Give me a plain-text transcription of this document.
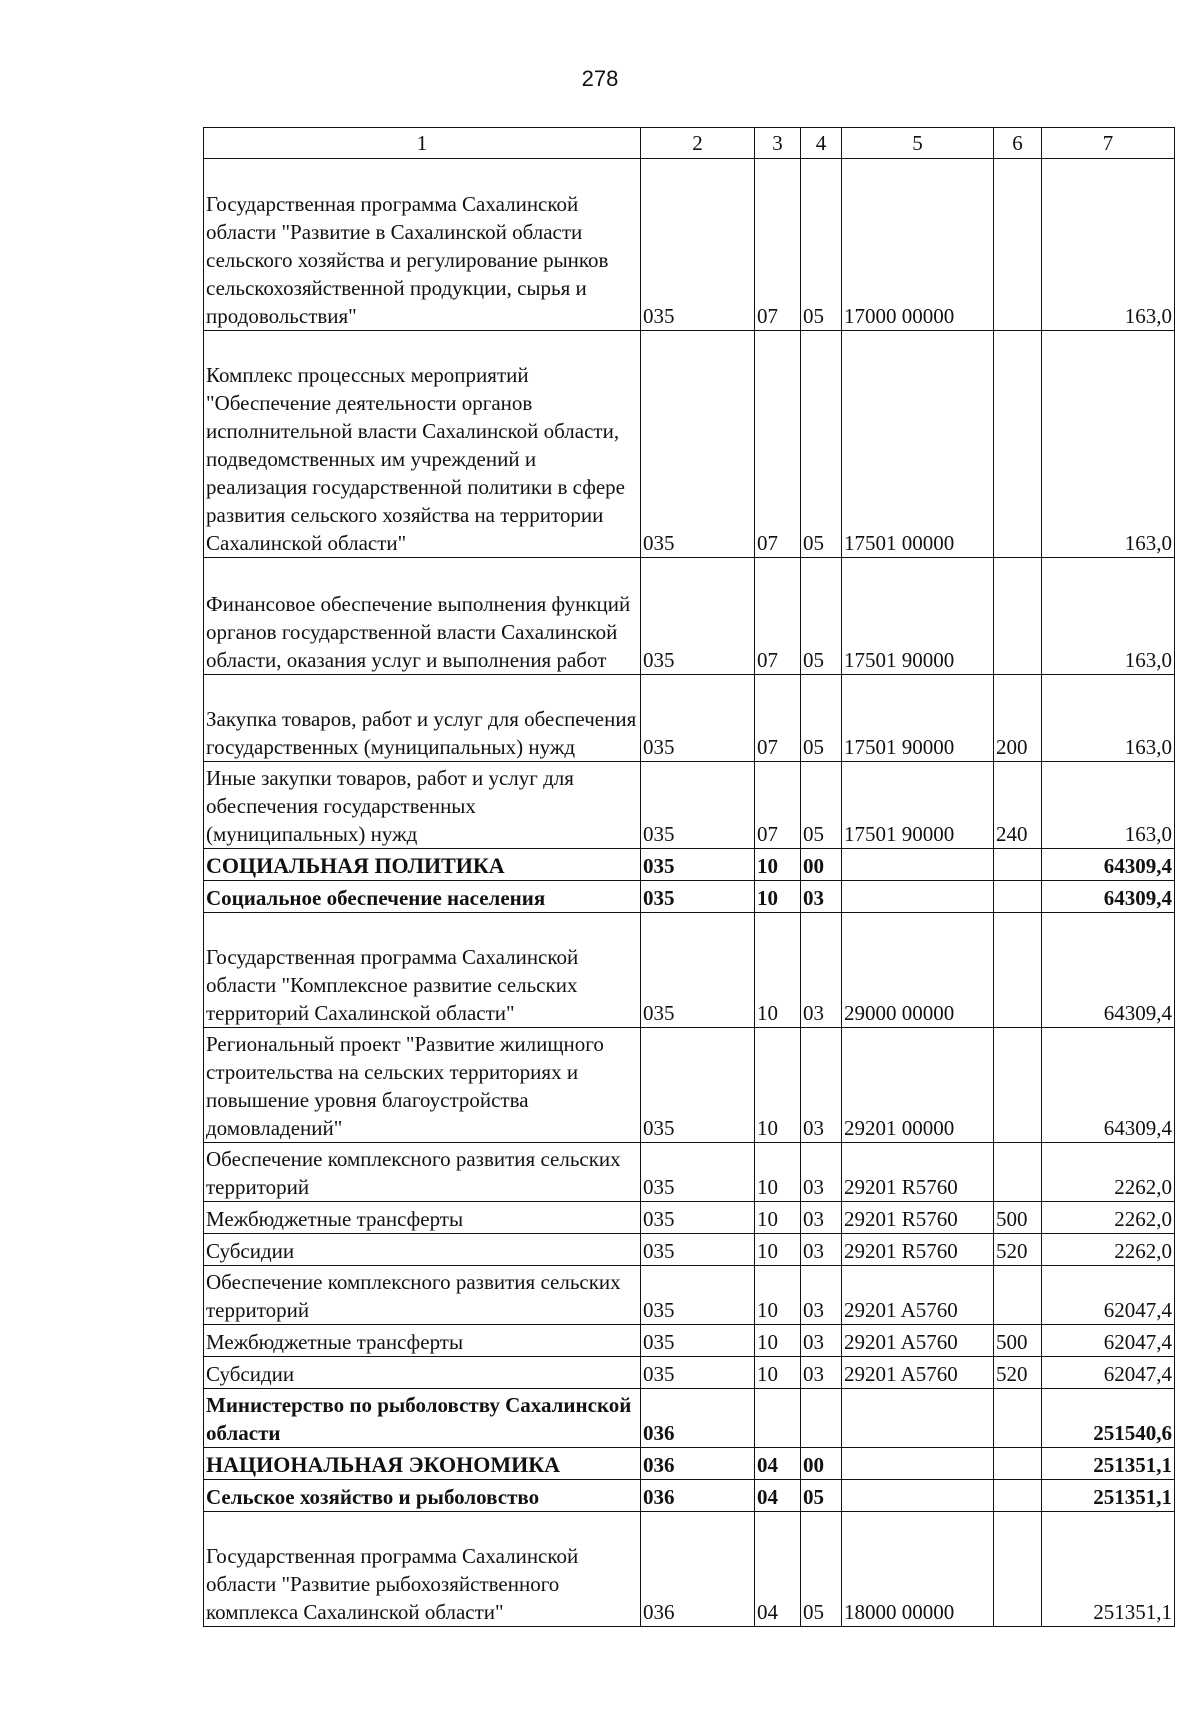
278
1	2	3	4	5	6	7
Государственная программа Сахалинской области "Развитие в Сахалинской области сельского хозяйства и регулирование рынков сельскохозяйственной продукции, сырья и продовольствия"	035	07	05	17000 00000		163,0
Комплекс процессных мероприятий "Обеспечение деятельности органов исполнительной власти Сахалинской области, подведомственных им учреждений и реализация государственной политики в сфере развития сельского хозяйства на территории Сахалинской области"	035	07	05	17501 00000		163,0
Финансовое обеспечение выполнения функций органов государственной власти Сахалинской области, оказания услуг и выполнения работ	035	07	05	17501 90000		163,0
Закупка товаров, работ и услуг для обеспечения государственных (муниципальных) нужд	035	07	05	17501 90000	200	163,0
Иные закупки товаров, работ и услуг для обеспечения государственных (муниципальных) нужд	035	07	05	17501 90000	240	163,0
СОЦИАЛЬНАЯ ПОЛИТИКА	035	10	00			64309,4
Социальное обеспечение населения	035	10	03			64309,4
Государственная программа Сахалинской области "Комплексное развитие сельских территорий Сахалинской области"	035	10	03	29000 00000		64309,4
Региональный проект "Развитие жилищного строительства на сельских территориях и повышение уровня благоустройства домовладений"	035	10	03	29201 00000		64309,4
Обеспечение комплексного развития сельских территорий	035	10	03	29201 R5760		2262,0
Межбюджетные трансферты	035	10	03	29201 R5760	500	2262,0
Субсидии	035	10	03	29201 R5760	520	2262,0
Обеспечение комплексного развития сельских территорий	035	10	03	29201 A5760		62047,4
Межбюджетные трансферты	035	10	03	29201 A5760	500	62047,4
Субсидии	035	10	03	29201 A5760	520	62047,4
Министерство по рыболовству Сахалинской области	036					251540,6
НАЦИОНАЛЬНАЯ ЭКОНОМИКА	036	04	00			251351,1
Сельское хозяйство и рыболовство	036	04	05			251351,1
Государственная программа Сахалинской области "Развитие рыбохозяйственного комплекса Сахалинской области"	036	04	05	18000 00000		251351,1
